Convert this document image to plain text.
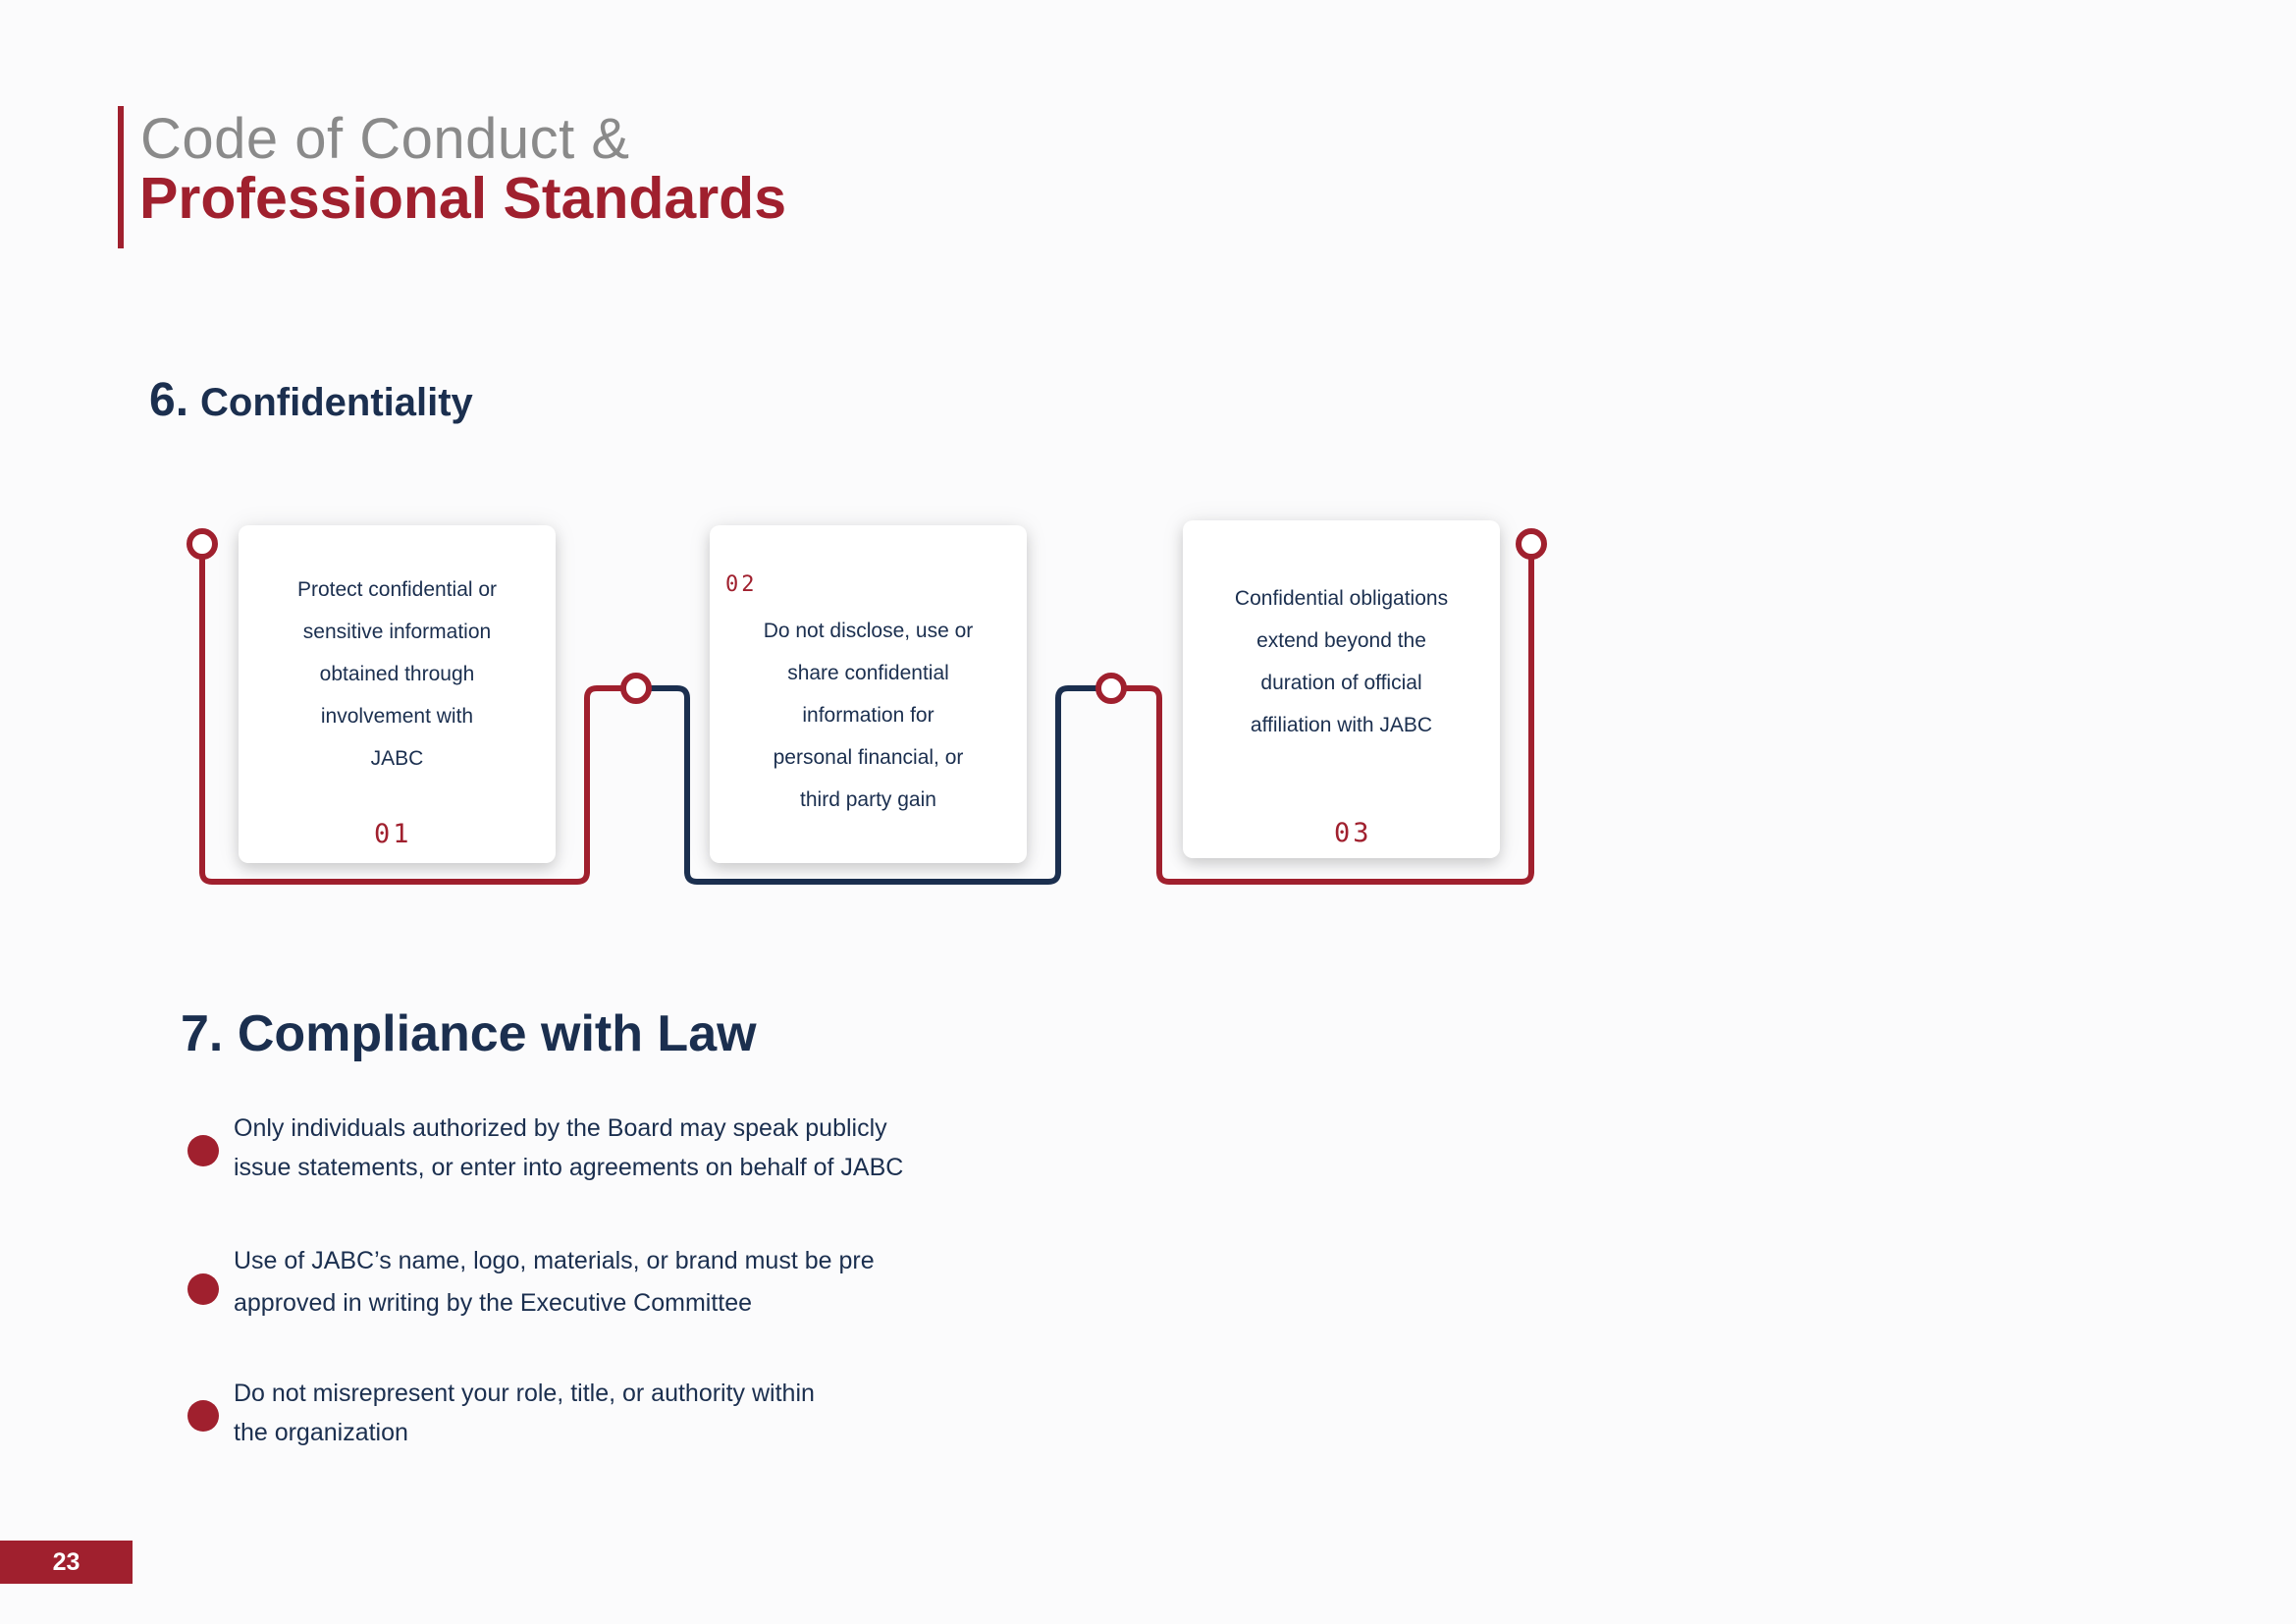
Code of Conduct &
Professional Standards
6. Confidentiality
Protect confidential or
sensitive information
obtained through
involvement with
JABC
01
02
Do not disclose, use or
share confidential
information for
personal financial, or
third party gain
Confidential obligations
extend beyond the
duration of official
affiliation with JABC
03
7. Compliance with Law
Only individuals authorized by the Board may speak publicly
issue statements, or enter into agreements on behalf of JABC
Use of JABC’s name, logo, materials, or brand must be pre
approved in writing by the Executive Committee
Do not misrepresent your role, title, or authority within
the organization
23
